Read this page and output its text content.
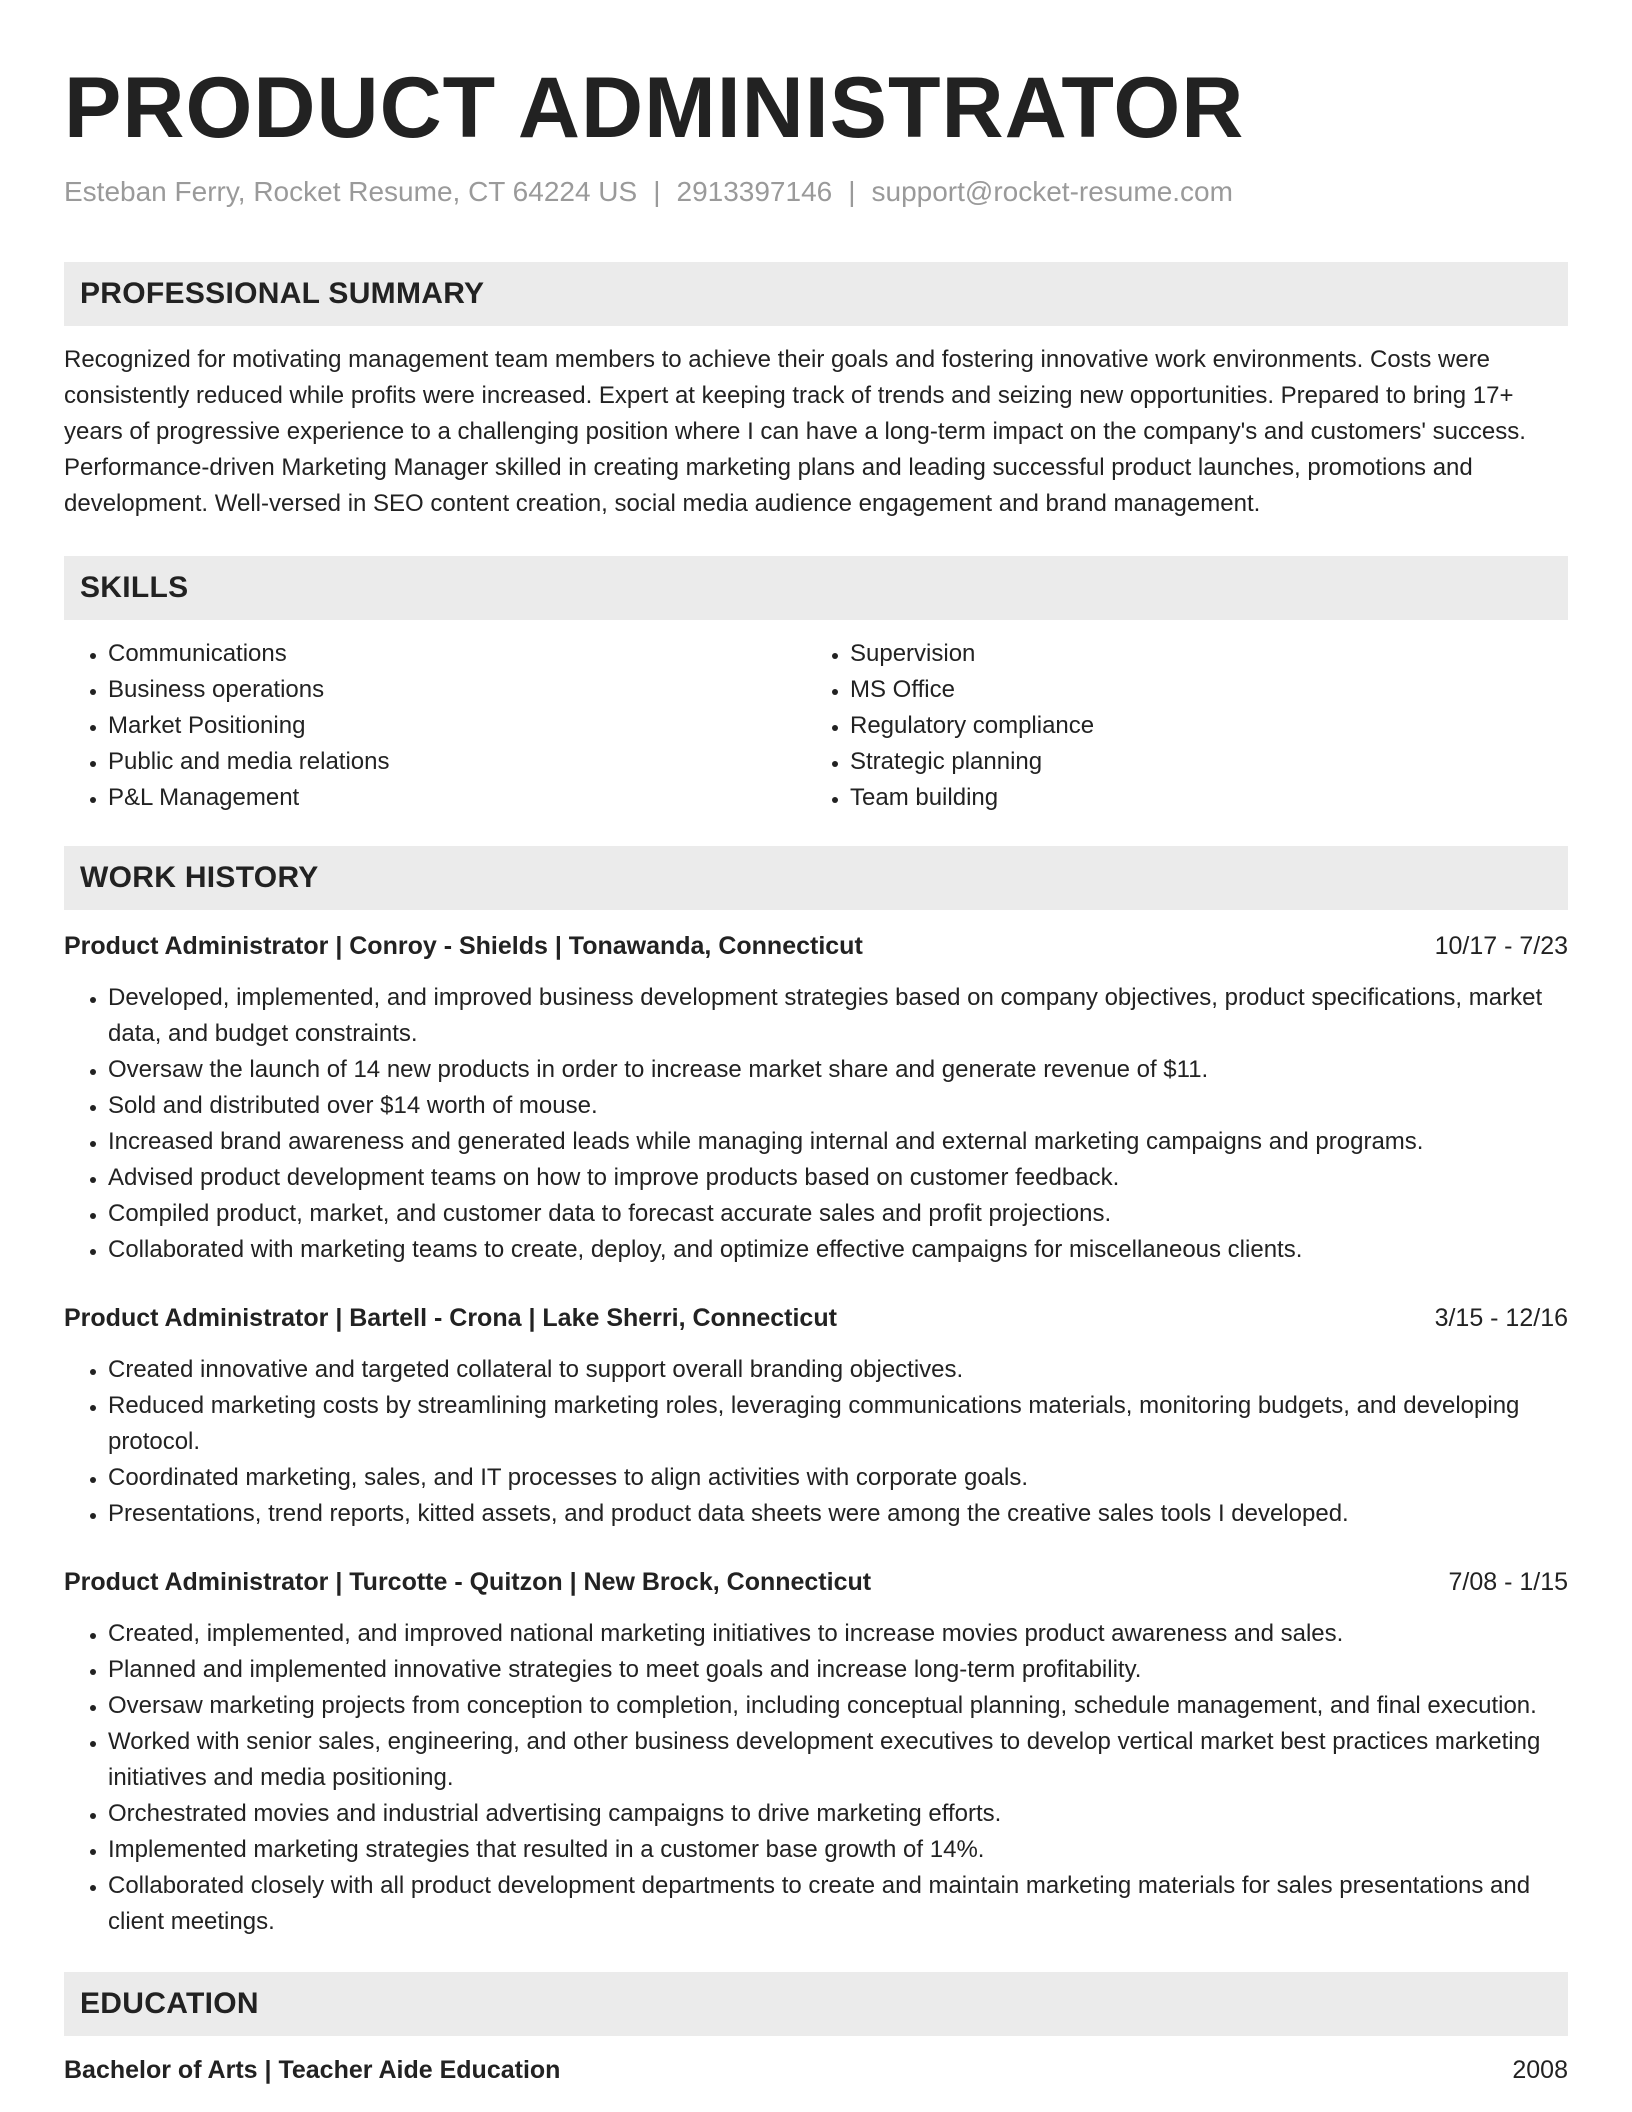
PRODUCT ADMINISTRATOR
Esteban Ferry, Rocket Resume, CT 64224 US | 2913397146 | support@rocket-resume.com
PROFESSIONAL SUMMARY
Recognized for motivating management team members to achieve their goals and fostering innovative work environments. Costs were consistently reduced while profits were increased. Expert at keeping track of trends and seizing new opportunities. Prepared to bring 17+ years of progressive experience to a challenging position where I can have a long-term impact on the company's and customers' success. Performance-driven Marketing Manager skilled in creating marketing plans and leading successful product launches, promotions and development. Well-versed in SEO content creation, social media audience engagement and brand management.
SKILLS
• Communications
• Business operations
• Market Positioning
• Public and media relations
• P&L Management
• Supervision
• MS Office
• Regulatory compliance
• Strategic planning
• Team building
WORK HISTORY
Product Administrator | Conroy - Shields | Tonawanda, Connecticut	10/17 - 7/23
• Developed, implemented, and improved business development strategies based on company objectives, product specifications, market data, and budget constraints.
• Oversaw the launch of 14 new products in order to increase market share and generate revenue of $11.
• Sold and distributed over $14 worth of mouse.
• Increased brand awareness and generated leads while managing internal and external marketing campaigns and programs.
• Advised product development teams on how to improve products based on customer feedback.
• Compiled product, market, and customer data to forecast accurate sales and profit projections.
• Collaborated with marketing teams to create, deploy, and optimize effective campaigns for miscellaneous clients.
Product Administrator | Bartell - Crona | Lake Sherri, Connecticut	3/15 - 12/16
• Created innovative and targeted collateral to support overall branding objectives.
• Reduced marketing costs by streamlining marketing roles, leveraging communications materials, monitoring budgets, and developing protocol.
• Coordinated marketing, sales, and IT processes to align activities with corporate goals.
• Presentations, trend reports, kitted assets, and product data sheets were among the creative sales tools I developed.
Product Administrator | Turcotte - Quitzon | New Brock, Connecticut	7/08 - 1/15
• Created, implemented, and improved national marketing initiatives to increase movies product awareness and sales.
• Planned and implemented innovative strategies to meet goals and increase long-term profitability.
• Oversaw marketing projects from conception to completion, including conceptual planning, schedule management, and final execution.
• Worked with senior sales, engineering, and other business development executives to develop vertical market best practices marketing initiatives and media positioning.
• Orchestrated movies and industrial advertising campaigns to drive marketing efforts.
• Implemented marketing strategies that resulted in a customer base growth of 14%.
• Collaborated closely with all product development departments to create and maintain marketing materials for sales presentations and client meetings.
EDUCATION
Bachelor of Arts | Teacher Aide Education	2008
